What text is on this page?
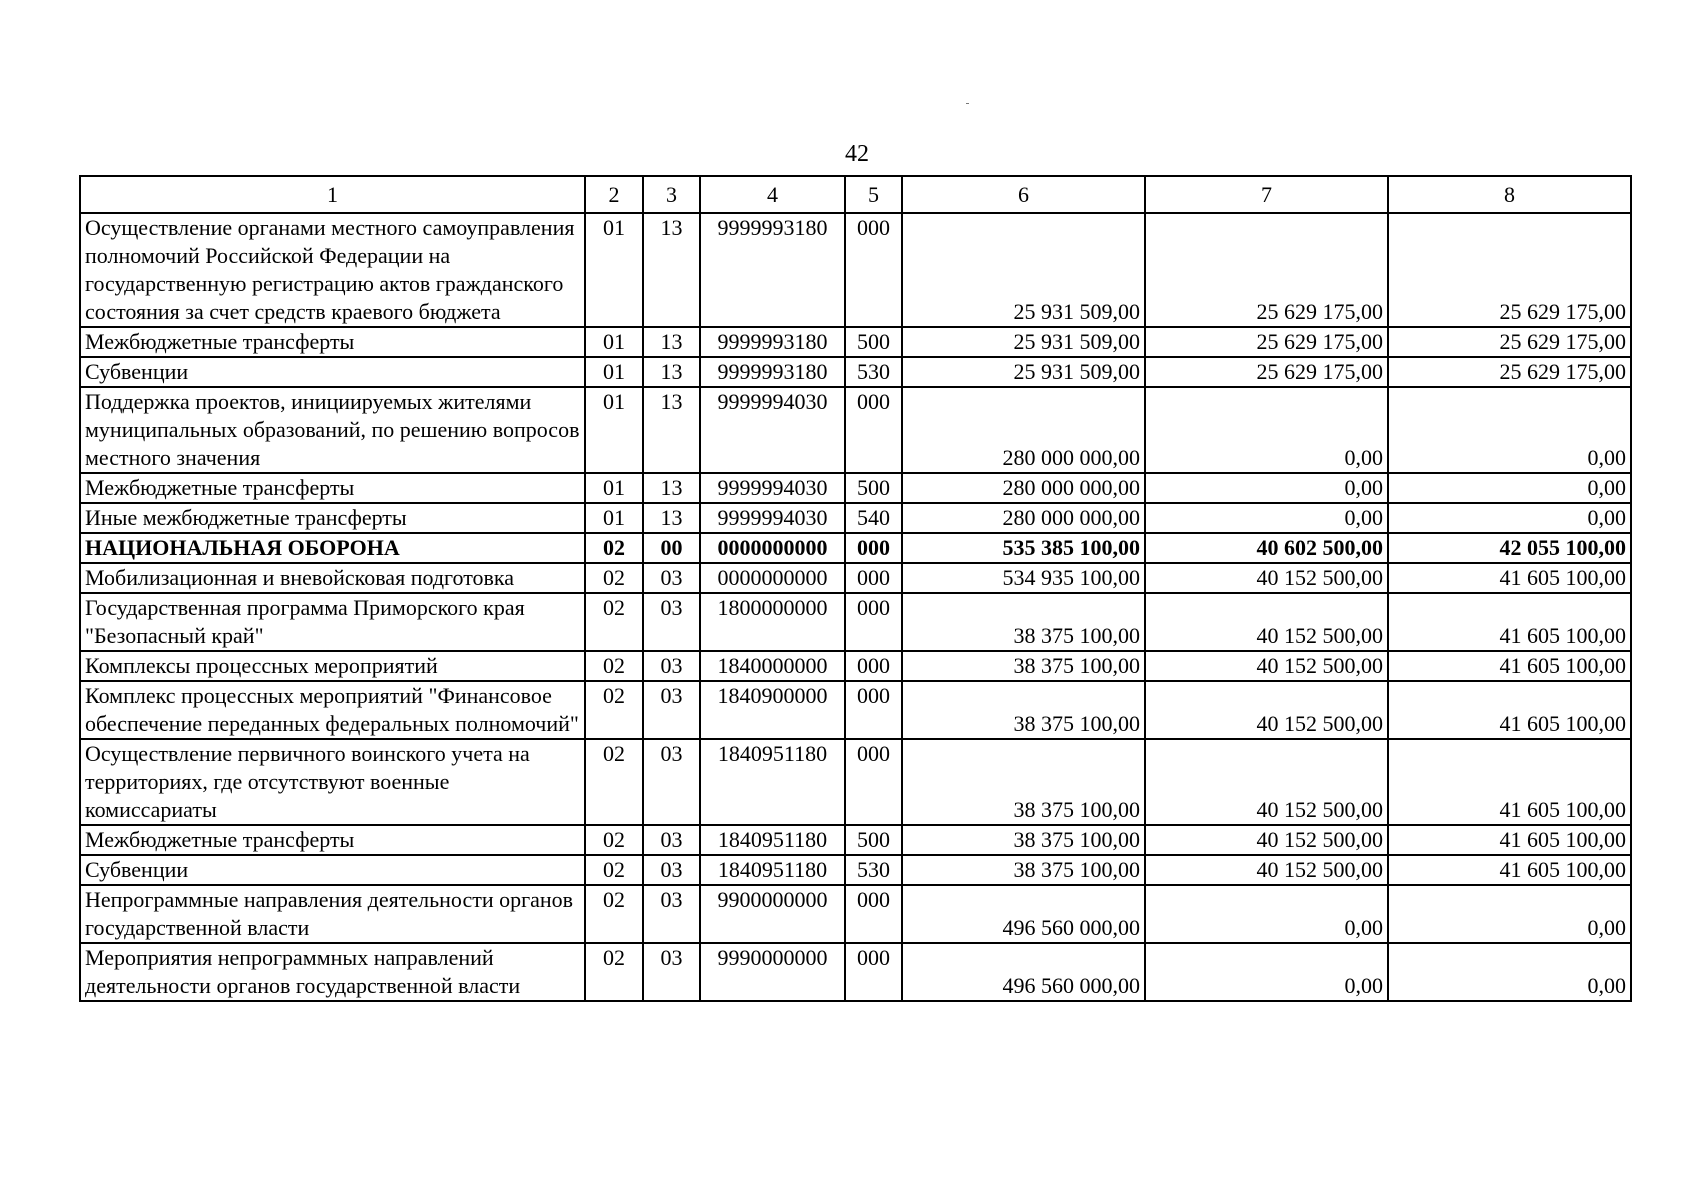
42
1	2	3	4	5	6	7	8
Осуществление органами местного самоуправления полномочий Российской Федерации на государственную регистрацию актов гражданского состояния за счет средств краевого бюджета	01	13	9999993180	000	25 931 509,00	25 629 175,00	25 629 175,00
Межбюджетные трансферты	01	13	9999993180	500	25 931 509,00	25 629 175,00	25 629 175,00
Субвенции	01	13	9999993180	530	25 931 509,00	25 629 175,00	25 629 175,00
Поддержка проектов, инициируемых жителями муниципальных образований, по решению вопросов местного значения	01	13	9999994030	000	280 000 000,00	0,00	0,00
Межбюджетные трансферты	01	13	9999994030	500	280 000 000,00	0,00	0,00
Иные межбюджетные трансферты	01	13	9999994030	540	280 000 000,00	0,00	0,00
НАЦИОНАЛЬНАЯ ОБОРОНА	02	00	0000000000	000	535 385 100,00	40 602 500,00	42 055 100,00
Мобилизационная и вневойсковая подготовка	02	03	0000000000	000	534 935 100,00	40 152 500,00	41 605 100,00
Государственная программа Приморского края "Безопасный край"	02	03	1800000000	000	38 375 100,00	40 152 500,00	41 605 100,00
Комплексы процессных мероприятий	02	03	1840000000	000	38 375 100,00	40 152 500,00	41 605 100,00
Комплекс процессных мероприятий "Финансовое обеспечение переданных федеральных полномочий"	02	03	1840900000	000	38 375 100,00	40 152 500,00	41 605 100,00
Осуществление первичного воинского учета на территориях, где отсутствуют военные комиссариаты	02	03	1840951180	000	38 375 100,00	40 152 500,00	41 605 100,00
Межбюджетные трансферты	02	03	1840951180	500	38 375 100,00	40 152 500,00	41 605 100,00
Субвенции	02	03	1840951180	530	38 375 100,00	40 152 500,00	41 605 100,00
Непрограммные направления деятельности органов государственной власти	02	03	9900000000	000	496 560 000,00	0,00	0,00
Мероприятия непрограммных направлений деятельности органов государственной власти	02	03	9990000000	000	496 560 000,00	0,00	0,00
